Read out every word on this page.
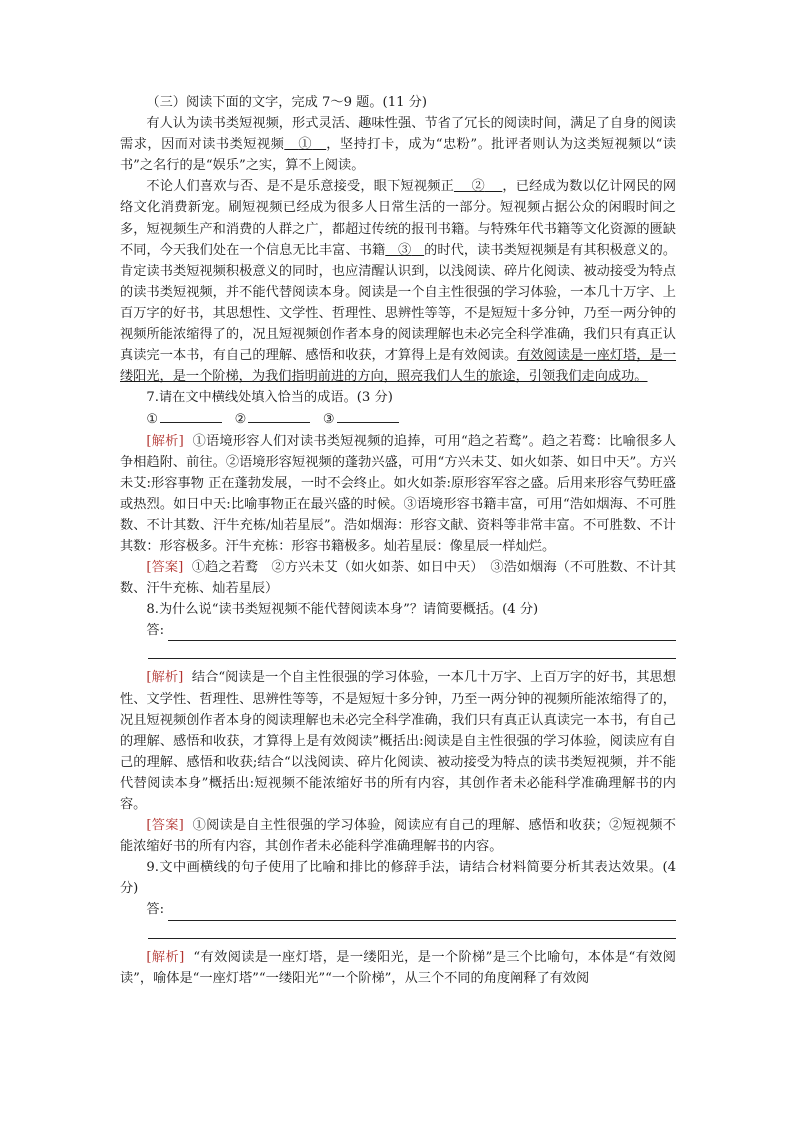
（三）阅读下面的文字，完成 7～9 题。(11 分)

有人认为读书类短视频，形式灵活、趣味性强、节省了冗长的阅读时间，满足了自身的阅读需求，因而对读书类短视频 ① ，坚持打卡，成为“忠粉”。批评者则认为这类短视频以“读书”之名行的是“娱乐”之实，算不上阅读。

不论人们喜欢与否、是不是乐意接受，眼下短视频正 ② ，已经成为数以亿计网民的网络文化消费新宠。刷短视频已经成为很多人日常生活的一部分。短视频占据公众的闲暇时间之多，短视频生产和消费的人群之广，都超过传统的报刊书籍。与特殊年代书籍等文化资源的匮缺不同，今天我们处在一个信息无比丰富、书籍 ③ 的时代，读书类短视频是有其积极意义的。肯定读书类短视频积极意义的同时，也应清醒认识到，以浅阅读、碎片化阅读、被动接受为特点的读书类短视频，并不能代替阅读本身。阅读是一个自主性很强的学习体验，一本几十万字、上百万字的好书，其思想性、文学性、哲理性、思辨性等等，不是短短十多分钟，乃至一两分钟的视频所能浓缩得了的，况且短视频创作者本身的阅读理解也未必完全科学准确，我们只有真正认真读完一本书，有自己的理解、感悟和收获，才算得上是有效阅读。有效阅读是一座灯塔，是一缕阳光，是一个阶梯，为我们指明前进的方向，照亮我们人生的旅途，引领我们走向成功。

7.请在文中横线处填入恰当的成语。(3 分)

①	②	③

[解析] ①语境形容人们对读书类短视频的追捧，可用“趋之若鹜”。趋之若鹜：比喻很多人争相趋附、前往。②语境形容短视频的蓬勃兴盛，可用“方兴未艾、如火如荼、如日中天”。方兴未艾:形容事物 正在蓬勃发展，一时不会终止。如火如荼:原形容军容之盛。后用来形容气势旺盛或热烈。如日中天:比喻事物正在最兴盛的时候。③语境形容书籍丰富，可用“浩如烟海、不可胜数、不计其数、汗牛充栋/灿若星辰”。浩如烟海：形容文献、资料等非常丰富。不可胜数、不计其数：形容极多。汗牛充栋：形容书籍极多。灿若星辰：像星辰一样灿烂。

[答案] ①趋之若鹜　②方兴未艾（如火如荼、如日中天）　③浩如烟海（不可胜数、不计其数、汗牛充栋、灿若星辰）

8.为什么说“读书类短视频不能代替阅读本身”？请简要概括。(4 分)

答:

[解析] 结合“阅读是一个自主性很强的学习体验，一本几十万字、上百万字的好书，其思想性、文学性、哲理性、思辨性等等，不是短短十多分钟，乃至一两分钟的视频所能浓缩得了的，况且短视频创作者本身的阅读理解也未必完全科学准确，我们只有真正认真读完一本书，有自己的理解、感悟和收获，才算得上是有效阅读”概括出:阅读是自主性很强的学习体验，阅读应有自己的理解、感悟和收获;结合“以浅阅读、碎片化阅读、被动接受为特点的读书类短视频，并不能代替阅读本身”概括出:短视频不能浓缩好书的所有内容，其创作者未必能科学准确理解书的内容。

[答案] ①阅读是自主性很强的学习体验，阅读应有自己的理解、感悟和收获；②短视频不能浓缩好书的所有内容，其创作者未必能科学准确理解书的内容。

9.文中画横线的句子使用了比喻和排比的修辞手法，请结合材料简要分析其表达效果。(4 分)

答:

[解析] “有效阅读是一座灯塔，是一缕阳光，是一个阶梯”是三个比喻句，本体是“有效阅读”，喻体是“一座灯塔”“一缕阳光”“一个阶梯”，从三个不同的角度阐释了有效阅
